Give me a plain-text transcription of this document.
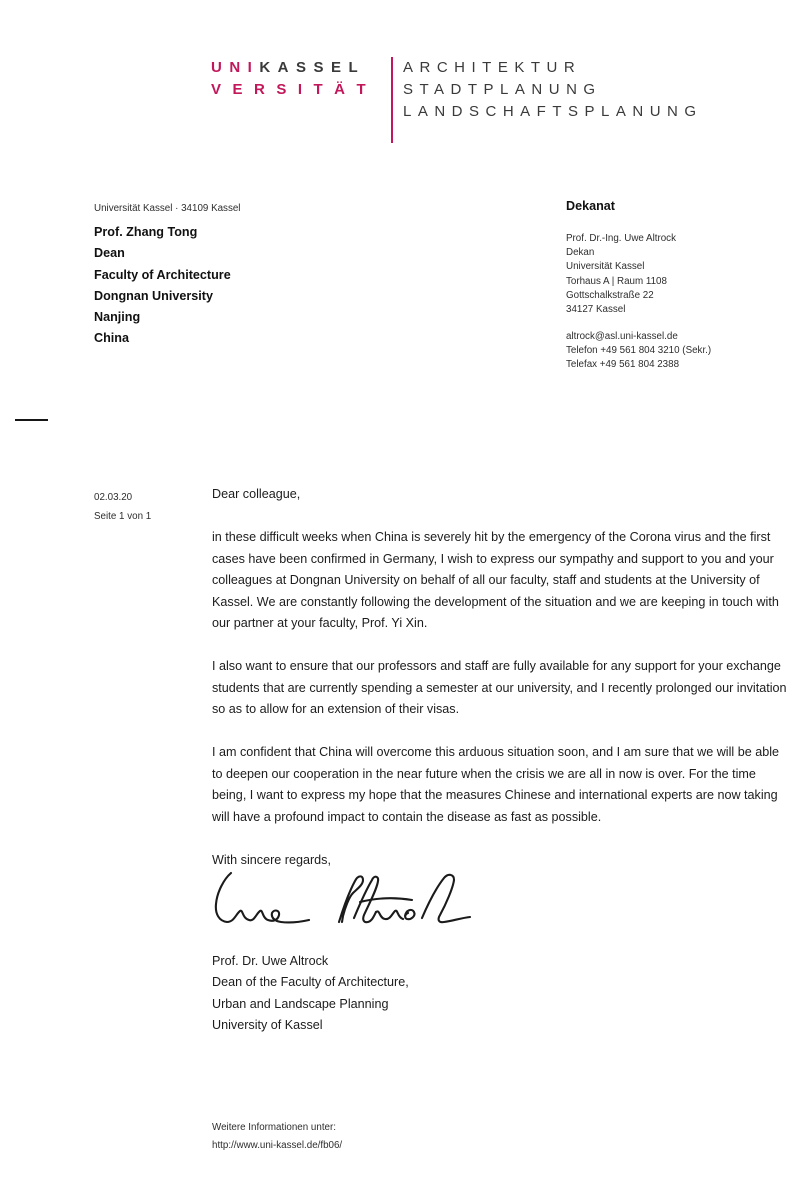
UNIKASSEL
VERSITÄT
ARCHITEKTUR
STADTPLANUNG
LANDSCHAFTSPLANUNG
Universität Kassel · 34109 Kassel
Prof. Zhang Tong
Dean
Faculty of Architecture
Dongnan University
Nanjing
China
Dekanat
Prof. Dr.-Ing. Uwe Altrock
Dekan
Universität Kassel
Torhaus A | Raum 1108
Gottschalkstraße 22
34127 Kassel
altrock@asl.uni-kassel.de
Telefon +49 561 804 3210 (Sekr.)
Telefax +49 561 804 2388
02.03.20
Seite 1 von 1

Dear colleague,

in these difficult weeks when China is severely hit by the emergency of the Corona virus and the first cases have been confirmed in Germany, I wish to express our sympathy and support to you and your colleagues at Dongnan University on behalf of all our faculty, staff and students at the University of Kassel. We are constantly following the development of the situation and we are keeping in touch with our partner at your faculty, Prof. Yi Xin.

I also want to ensure that our professors and staff are fully available for any support for your exchange students that are currently spending a semester at our university, and I recently prolonged our invitation so as to allow for an extension of their visas.

I am confident that China will overcome this arduous situation soon, and I am sure that we will be able to deepen our cooperation in the near future when the crisis we are all in now is over. For the time being, I want to express my hope that the measures Chinese and international experts are now taking will have a profound impact to contain the disease as fast as possible.

With sincere regards,

Prof. Dr. Uwe Altrock
Dean of the Faculty of Architecture,
Urban and Landscape Planning
University of Kassel
Weitere Informationen unter:
http://www.uni-kassel.de/fb06/
